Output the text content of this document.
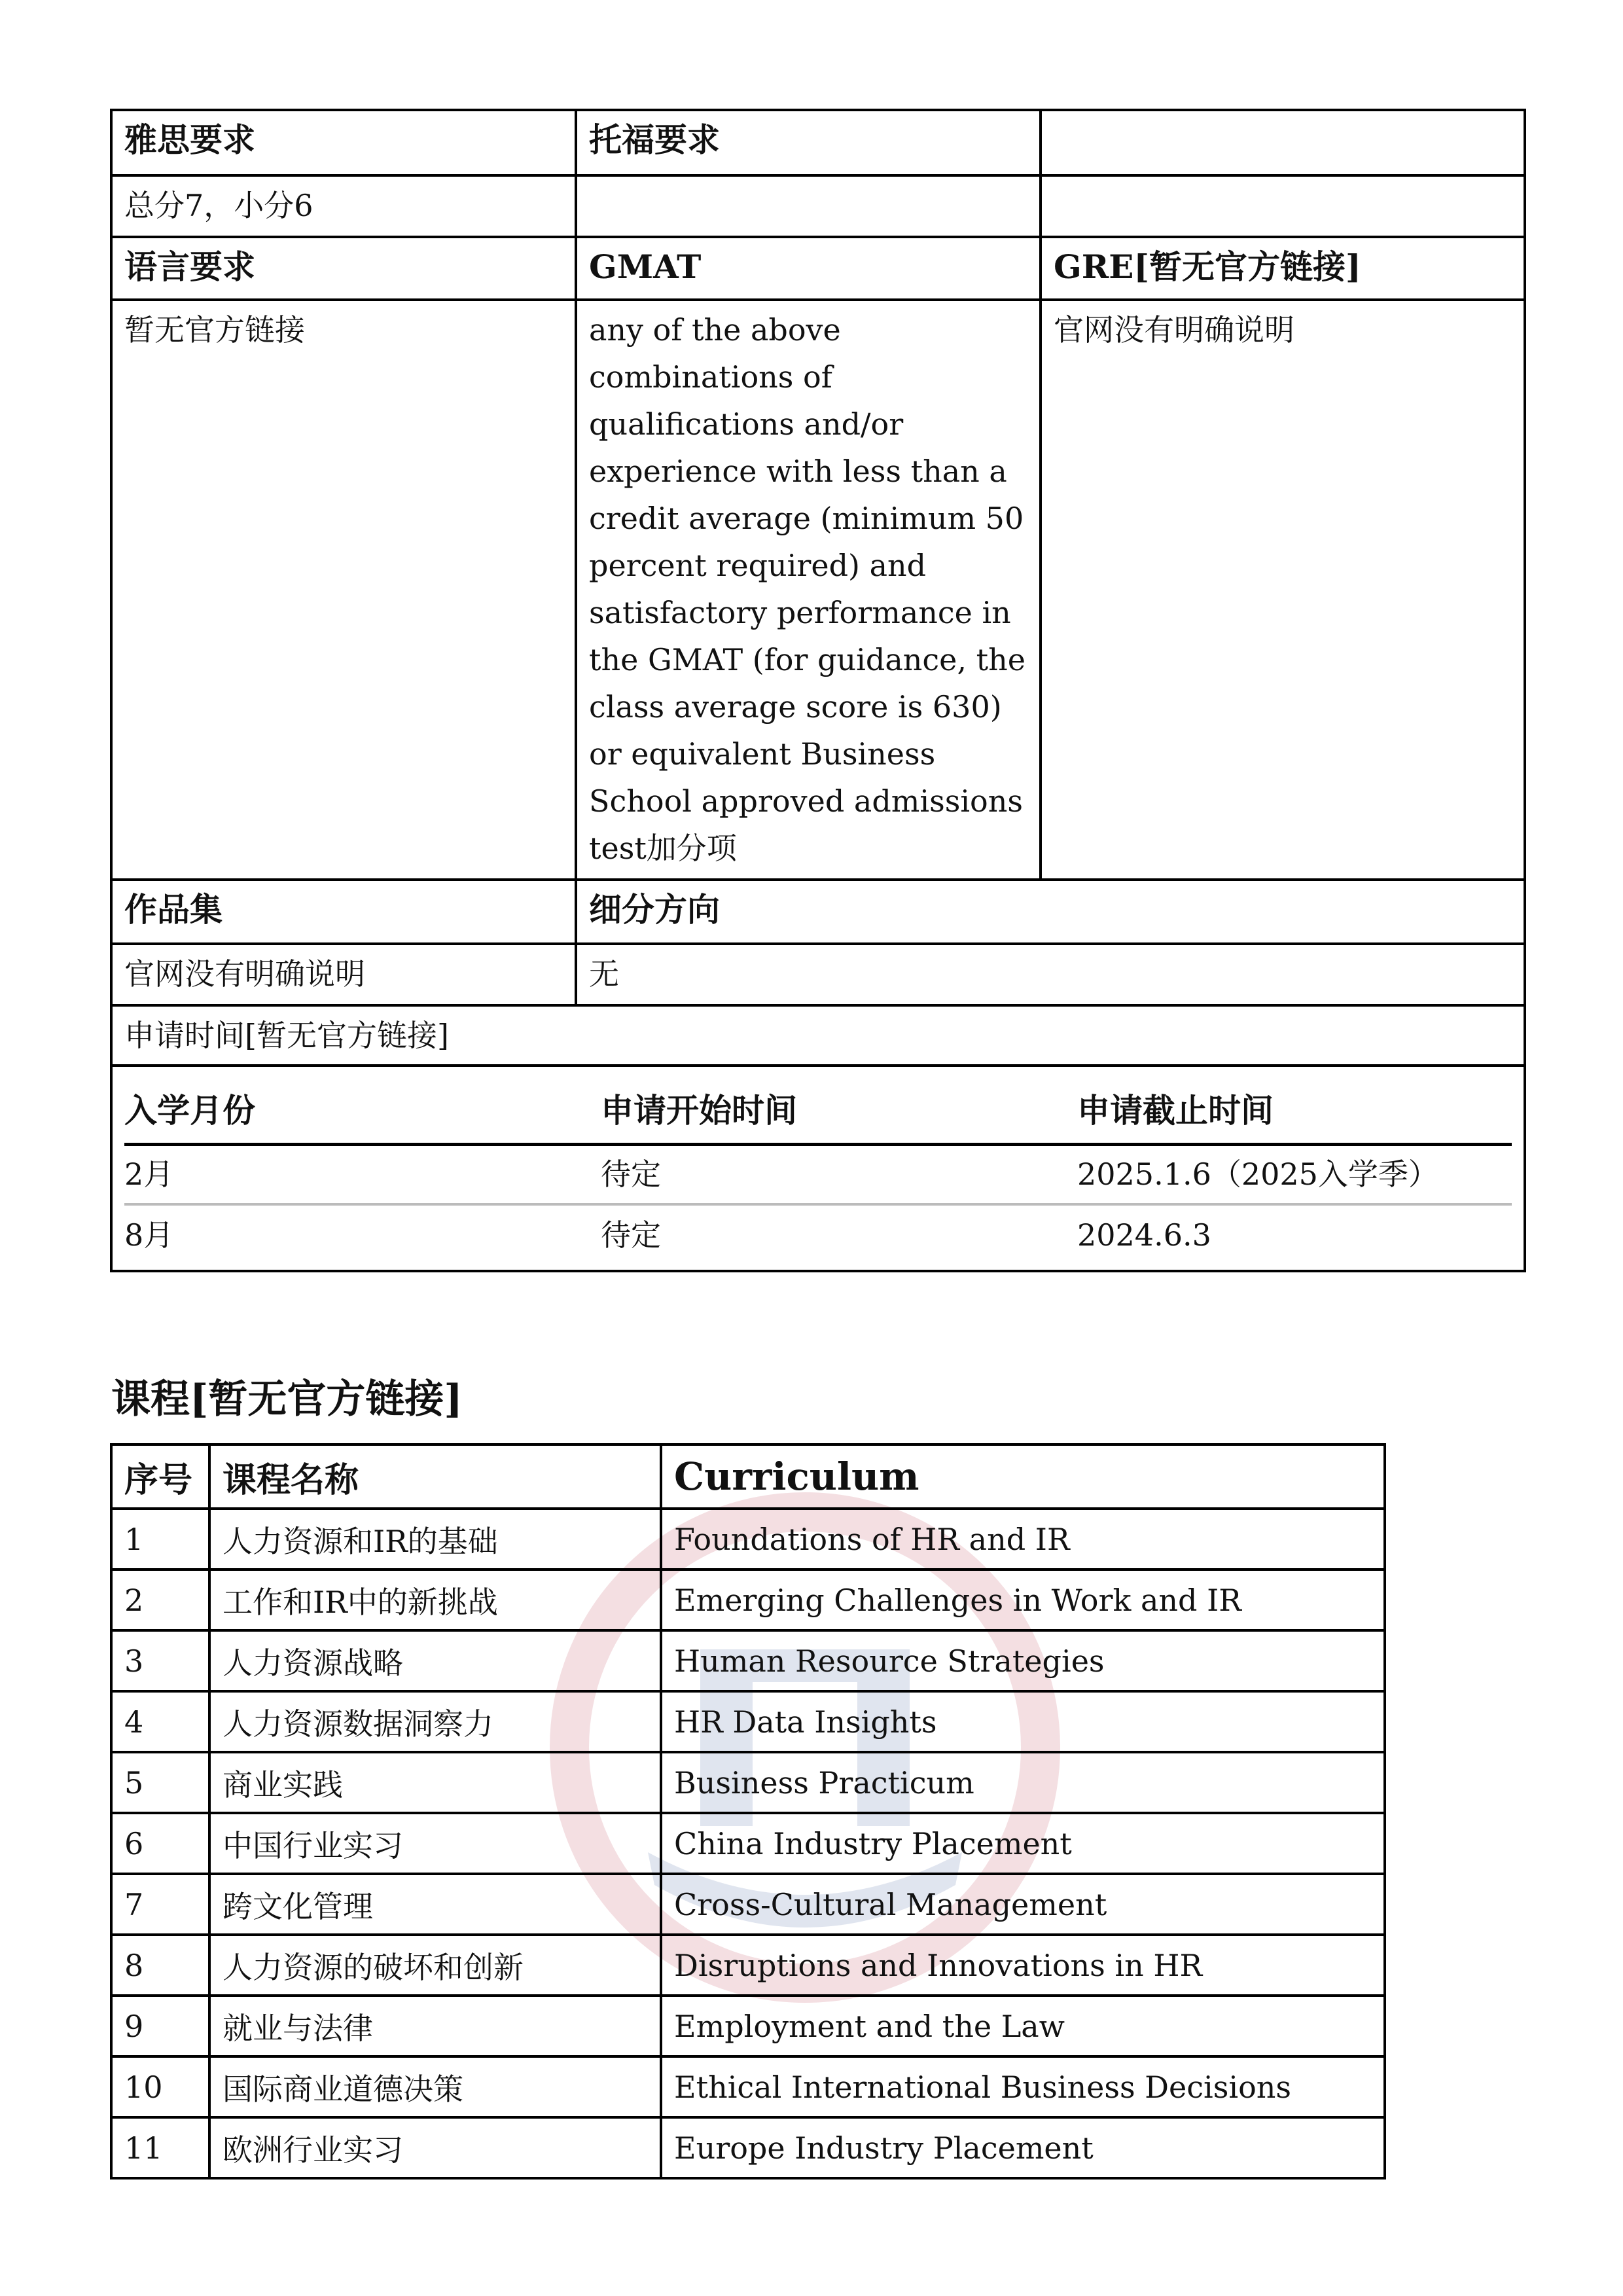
雅思要求	托福要求	
总分7，小分6		
语言要求	GMAT	GRE[暂无官方链接]
暂无官方链接	any of the above combinations of qualifications and/or experience with less than a credit average (minimum 50 percent required) and satisfactory performance in the GMAT (for guidance, the class average score is 630) or equivalent Business School approved admissions test加分项	官网没有明确说明
作品集	细分方向
官网没有明确说明	无
申请时间[暂无官方链接]

入学月份	申请开始时间	申请截止时间
2月	待定	2025.1.6（2025入学季）
8月	待定	2024.6.3
课程[暂无官方链接]
序号	课程名称	Curriculum
1	人力资源和IR的基础	Foundations of HR and IR
2	工作和IR中的新挑战	Emerging Challenges in Work and IR
3	人力资源战略	Human Resource Strategies
4	人力资源数据洞察力	HR Data Insights
5	商业实践	Business Practicum
6	中国行业实习	China Industry Placement
7	跨文化管理	Cross-Cultural Management
8	人力资源的破坏和创新	Disruptions and Innovations in HR
9	就业与法律	Employment and the Law
10	国际商业道德决策	Ethical International Business Decisions
11	欧洲行业实习	Europe Industry Placement
